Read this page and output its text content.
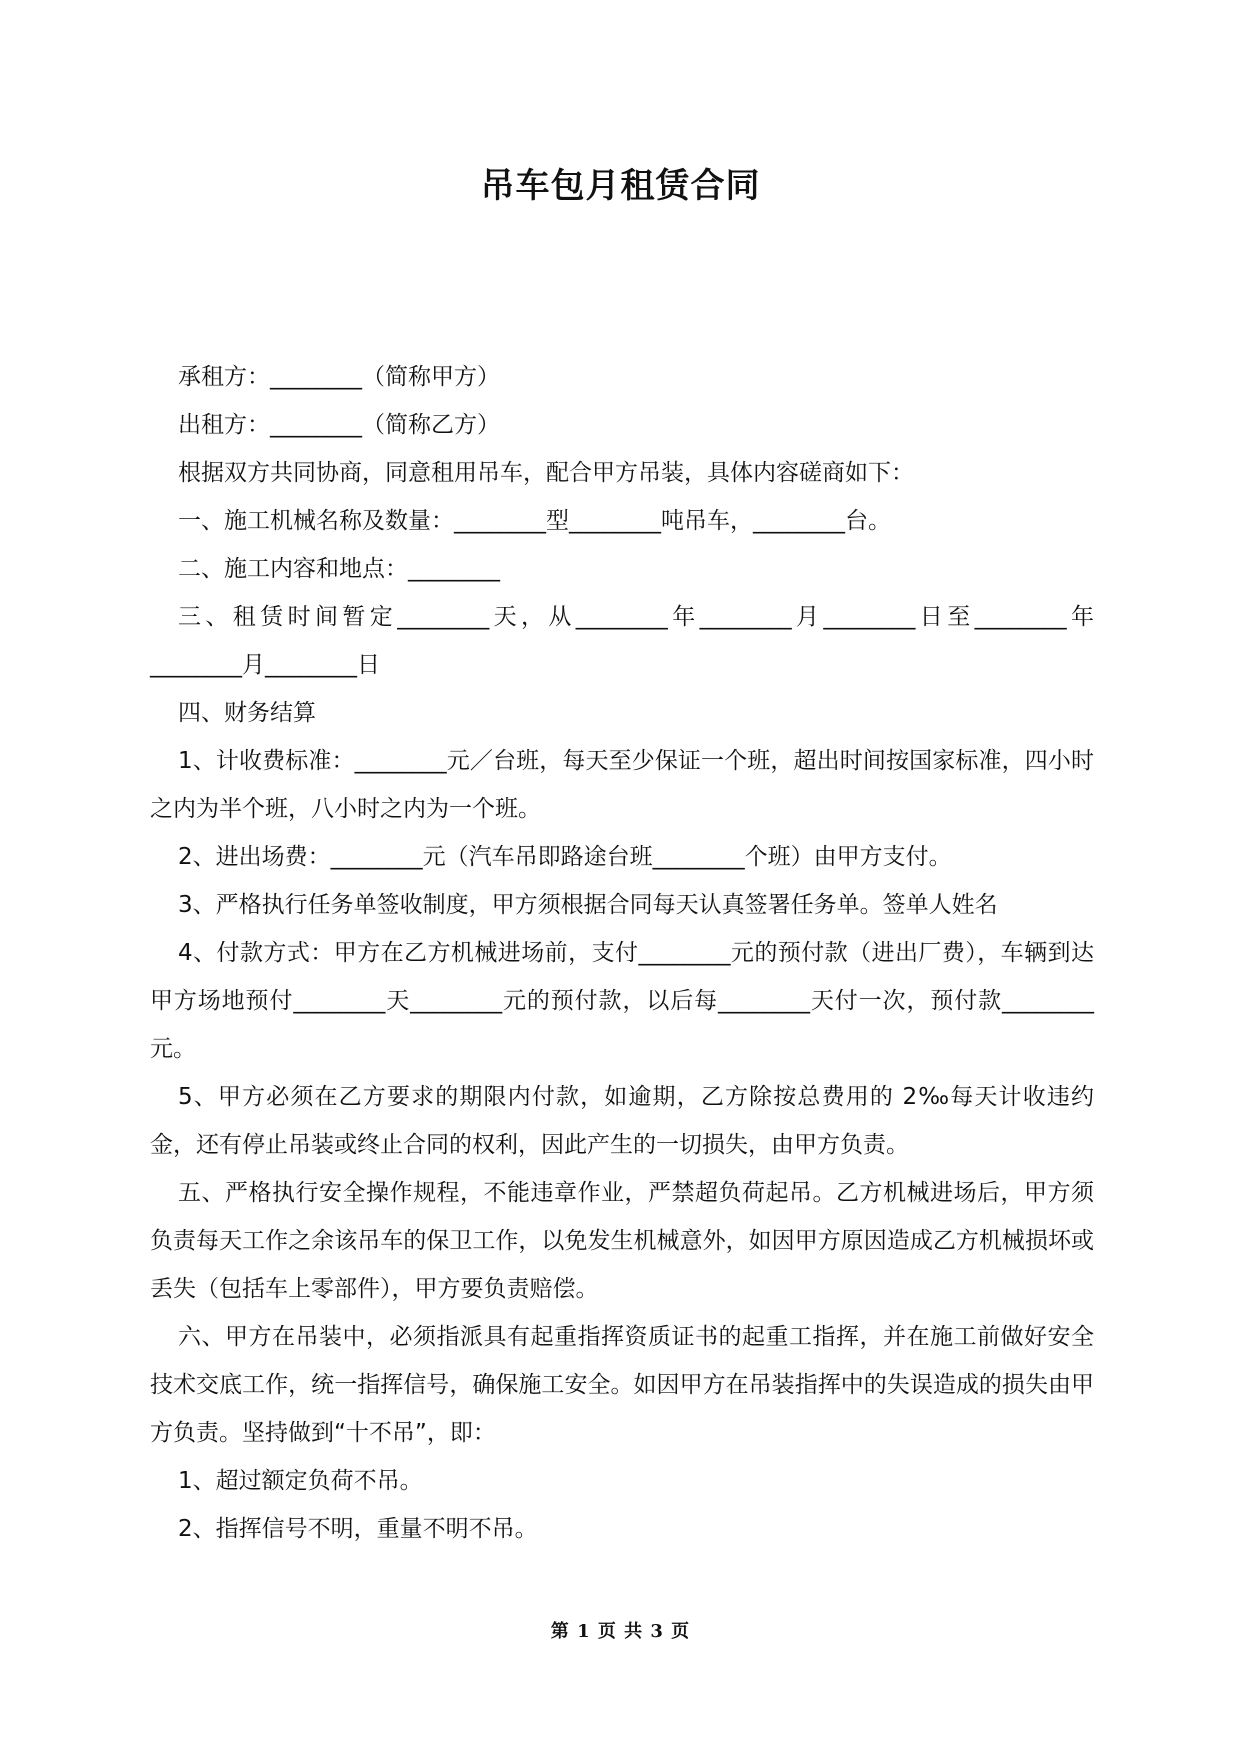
吊车包月租赁合同

承租方：________（简称甲方）

出租方：________（简称乙方）

根据双方共同协商，同意租用吊车，配合甲方吊装，具体内容磋商如下：

一、施工机械名称及数量：________型________吨吊车，________台。

二、施工内容和地点：________

三、租赁时间暂定________天，从________年________月________日至________年________月________日

四、财务结算

1、计收费标准：________元／台班，每天至少保证一个班，超出时间按国家标准，四小时之内为半个班，八小时之内为一个班。

2、进出场费：________元（汽车吊即路途台班________个班）由甲方支付。

3、严格执行任务单签收制度，甲方须根据合同每天认真签署任务单。签单人姓名

4、付款方式：甲方在乙方机械进场前，支付________元的预付款（进出厂费），车辆到达甲方场地预付________天________元的预付款，以后每________天付一次，预付款________元。

5、甲方必须在乙方要求的期限内付款，如逾期，乙方除按总费用的 2‰每天计收违约金，还有停止吊装或终止合同的权利，因此产生的一切损失，由甲方负责。

五、严格执行安全操作规程，不能违章作业，严禁超负荷起吊。乙方机械进场后，甲方须负责每天工作之余该吊车的保卫工作，以免发生机械意外，如因甲方原因造成乙方机械损坏或丢失（包括车上零部件），甲方要负责赔偿。

六、甲方在吊装中，必须指派具有起重指挥资质证书的起重工指挥，并在施工前做好安全技术交底工作，统一指挥信号，确保施工安全。如因甲方在吊装指挥中的失误造成的损失由甲方负责。坚持做到“十不吊”，即：

1、超过额定负荷不吊。

2、指挥信号不明，重量不明不吊。

第 1 页 共 3 页
